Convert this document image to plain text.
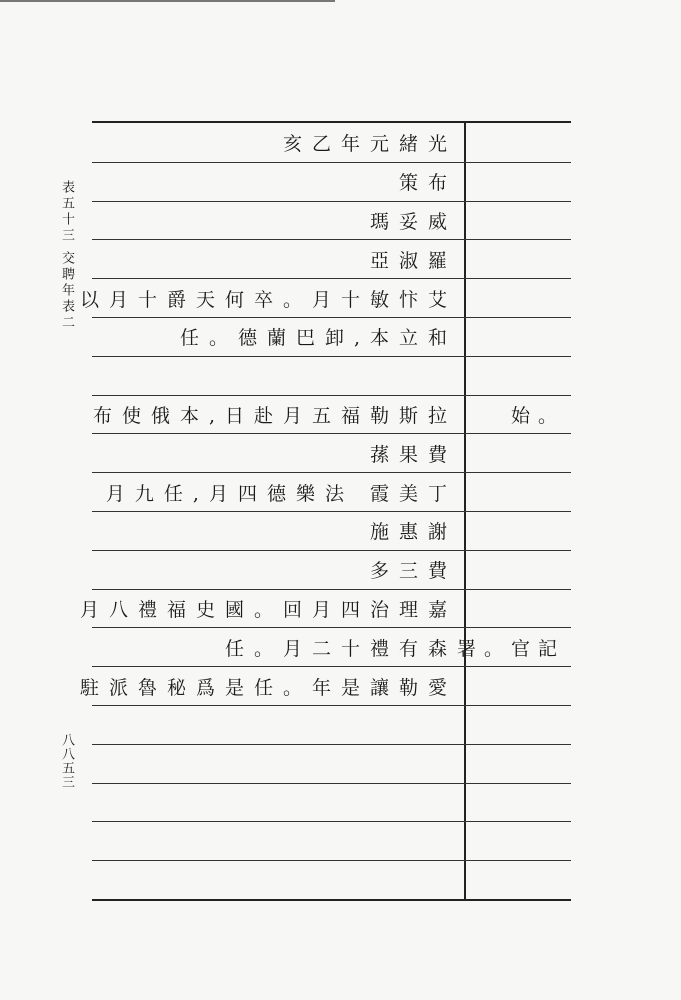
表五十三 交聘年表二
八八五三
亥乙年元緒光
策布
瑪妥威
亞淑羅
以月十爵天何卒。月十敏忭艾
任。德蘭巴卸,本立和
布使俄本,日赴月五福勒斯拉	始。
蓀果費
月九任,月四德樂法 霞美丁
施惠謝
多三費
月八禮福史國。回月四治理嘉
任。月二十禮有森 署。官記
駐派魯秘爲是任。年是讓勒愛
